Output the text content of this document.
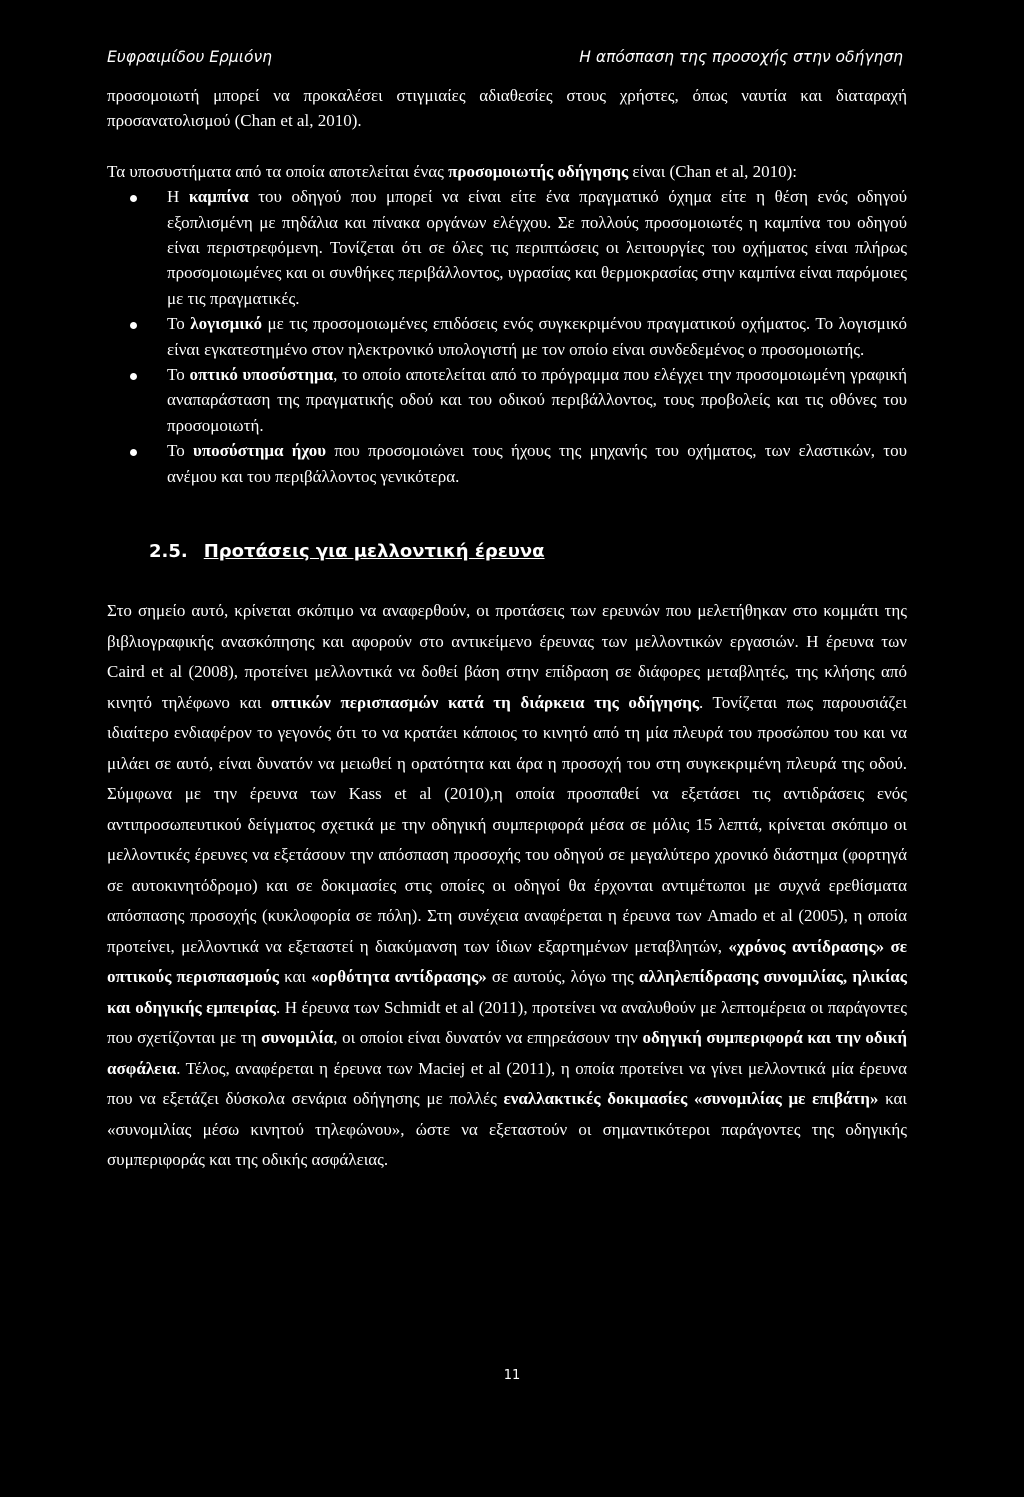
Ευφραιμίδου Ερμιόνη	Η απόσπαση της προσοχής στην οδήγηση

προσομοιωτή μπορεί να προκαλέσει στιγμιαίες αδιαθεσίες στους χρήστες, όπως ναυτία και διαταραχή προσανατολισμού (Chan et al, 2010).

Τα υποσυστήματα από τα οποία αποτελείται ένας προσομοιωτής οδήγησης είναι (Chan et al, 2010):

Η καμπίνα του οδηγού που μπορεί να είναι είτε ένα πραγματικό όχημα είτε η θέση ενός οδηγού εξοπλισμένη με πηδάλια και πίνακα οργάνων ελέγχου. Σε πολλούς προσομοιωτές η καμπίνα του οδηγού είναι περιστρεφόμενη. Τονίζεται ότι σε όλες τις περιπτώσεις οι λειτουργίες του οχήματος είναι πλήρως προσομοιωμένες και οι συνθήκες περιβάλλοντος, υγρασίας και θερμοκρασίας στην καμπίνα είναι παρόμοιες με τις πραγματικές.
Το λογισμικό με τις προσομοιωμένες επιδόσεις ενός συγκεκριμένου πραγματικού οχήματος. Το λογισμικό είναι εγκατεστημένο στον ηλεκτρονικό υπολογιστή με τον οποίο είναι συνδεδεμένος ο προσομοιωτής.
Το οπτικό υποσύστημα, το οποίο αποτελείται από το πρόγραμμα που ελέγχει την προσομοιωμένη γραφική αναπαράσταση της πραγματικής οδού και του οδικού περιβάλλοντος, τους προβολείς και τις οθόνες του προσομοιωτή.
Το υποσύστημα ήχου που προσομοιώνει τους ήχους της μηχανής του οχήματος, των ελαστικών, του ανέμου και του περιβάλλοντος γενικότερα.
2.5. Προτάσεις για μελλοντική έρευνα

Στο σημείο αυτό, κρίνεται σκόπιμο να αναφερθούν, οι προτάσεις των ερευνών που μελετήθηκαν στο κομμάτι της βιβλιογραφικής ανασκόπησης και αφορούν στο αντικείμενο έρευνας των μελλοντικών εργασιών. Η έρευνα των Caird et al (2008), προτείνει μελλοντικά να δοθεί βάση στην επίδραση σε διάφορες μεταβλητές, της κλήσης από κινητό τηλέφωνο και οπτικών περισπασμών κατά τη διάρκεια της οδήγησης. Τονίζεται πως παρουσιάζει ιδιαίτερο ενδιαφέρον το γεγονός ότι το να κρατάει κάποιος το κινητό από τη μία πλευρά του προσώπου του και να μιλάει σε αυτό, είναι δυνατόν να μειωθεί η ορατότητα και άρα η προσοχή του στη συγκεκριμένη πλευρά της οδού. Σύμφωνα με την έρευνα των Kass et al (2010),η οποία προσπαθεί να εξετάσει τις αντιδράσεις ενός αντιπροσωπευτικού δείγματος σχετικά με την οδηγική συμπεριφορά μέσα σε μόλις 15 λεπτά, κρίνεται σκόπιμο οι μελλοντικές έρευνες να εξετάσουν την απόσπαση προσοχής του οδηγού σε μεγαλύτερο χρονικό διάστημα (φορτηγά σε αυτοκινητόδρομο) και σε δοκιμασίες στις οποίες οι οδηγοί θα έρχονται αντιμέτωποι με συχνά ερεθίσματα απόσπασης προσοχής (κυκλοφορία σε πόλη). Στη συνέχεια αναφέρεται η έρευνα των Amado et al (2005), η οποία προτείνει, μελλοντικά να εξεταστεί η διακύμανση των ίδιων εξαρτημένων μεταβλητών, «χρόνος αντίδρασης» σε οπτικούς περισπασμούς και «ορθότητα αντίδρασης» σε αυτούς, λόγω της αλληλεπίδρασης συνομιλίας, ηλικίας και οδηγικής εμπειρίας. Η έρευνα των Schmidt et al (2011), προτείνει να αναλυθούν με λεπτομέρεια οι παράγοντες που σχετίζονται με τη συνομιλία, οι οποίοι είναι δυνατόν να επηρεάσουν την οδηγική συμπεριφορά και την οδική ασφάλεια. Τέλος, αναφέρεται η έρευνα των Maciej et al (2011), η οποία προτείνει να γίνει μελλοντικά μία έρευνα που να εξετάζει δύσκολα σενάρια οδήγησης με πολλές εναλλακτικές δοκιμασίες «συνομιλίας με επιβάτη» και «συνομιλίας μέσω κινητού τηλεφώνου», ώστε να εξεταστούν οι σημαντικότεροι παράγοντες της οδηγικής συμπεριφοράς και της οδικής ασφάλειας.

11
